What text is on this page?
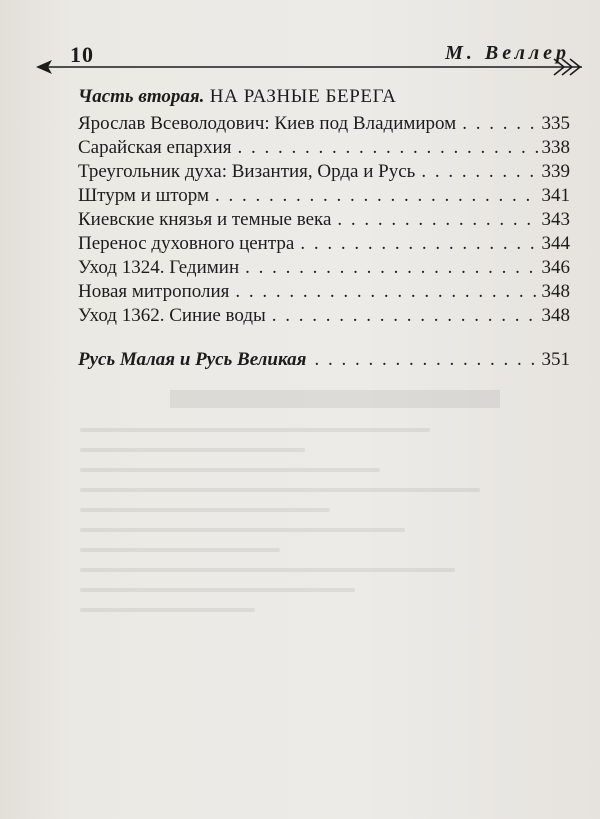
10	М. Веллер
Часть вторая. НА РАЗНЫЕ БЕРЕГА
Ярослав Всеволодович: Киев под Владимиром . . .	335
Сарайская епархия . . .	338
Треугольник духа: Византия, Орда и Русь . . .	339
Штурм и шторм . . .	341
Киевские князья и темные века . . .	343
Перенос духовного центра . . .	344
Уход 1324. Гедимин . . .	346
Новая митрополия . . .	348
Уход 1362. Синие воды . . .	348
Русь Малая и Русь Великая . . .	351
